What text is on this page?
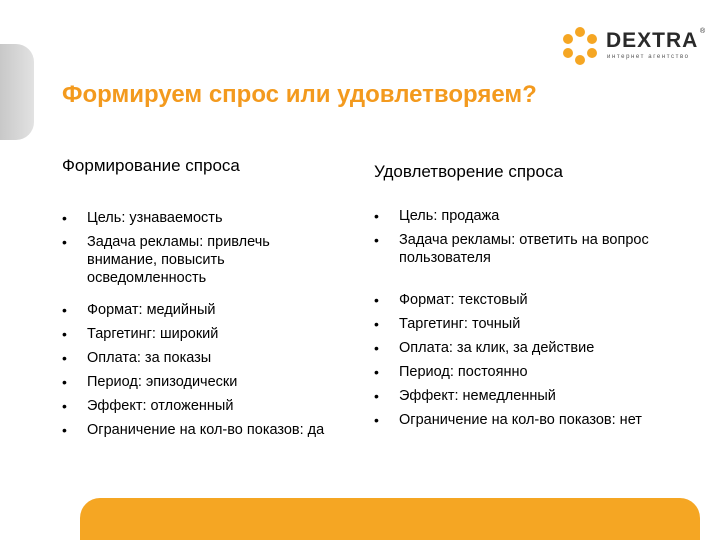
DEXTRA ®
интернет агентство
Формируем спрос или удовлетворяем?

Формирование спроса

• Цель: узнаваемость
• Задача рекламы: привлечь внимание, повысить осведомленность
• Формат: медийный
• Таргетинг: широкий
• Оплата: за показы
• Период: эпизодически
• Эффект: отложенный
• Ограничение на кол-во показов: да

Удовлетворение спроса

• Цель: продажа
• Задача рекламы: ответить на вопрос пользователя
• Формат: текстовый
• Таргетинг: точный
• Оплата: за клик, за действие
• Период: постоянно
• Эффект: немедленный
• Ограничение на кол-во показов: нет
